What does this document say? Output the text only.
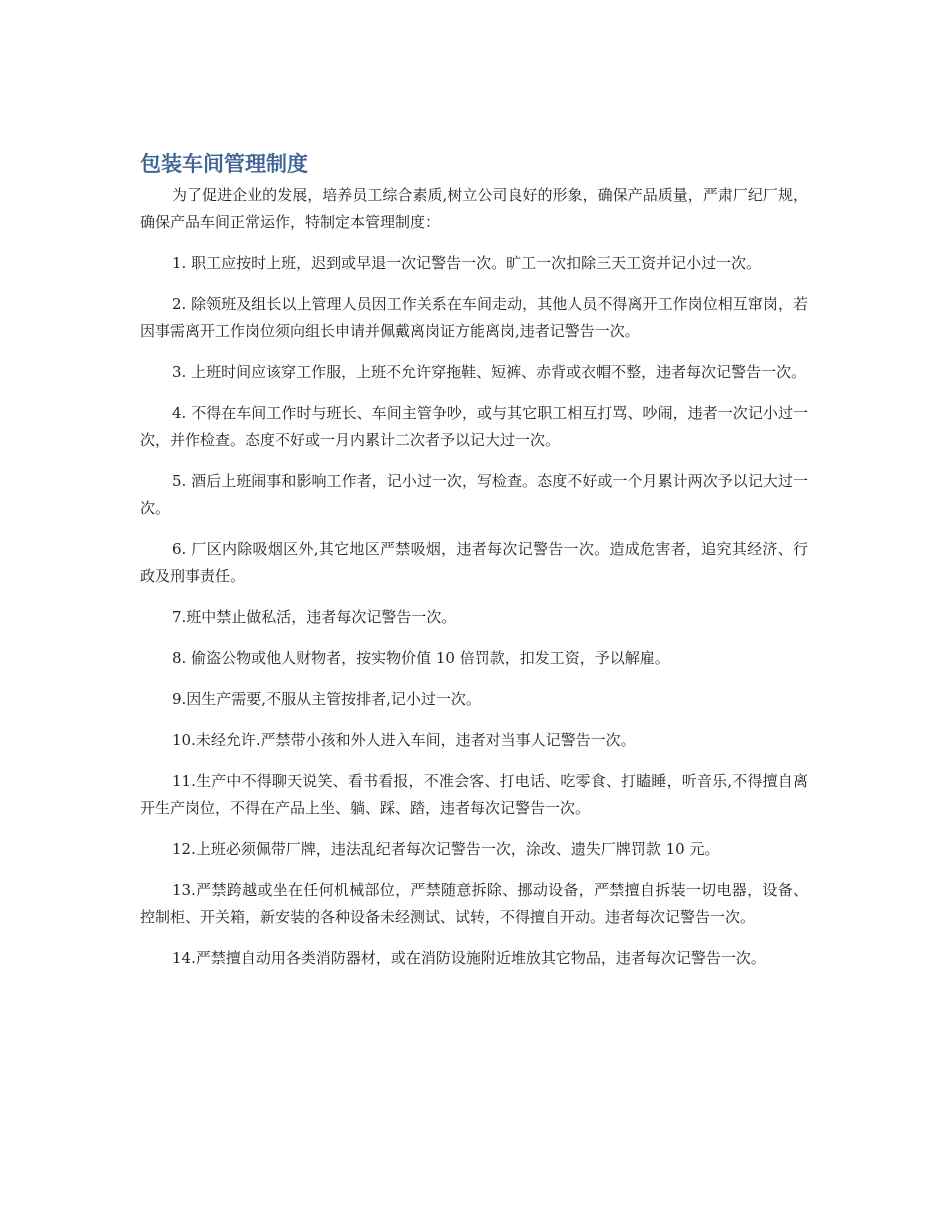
包装车间管理制度

为了促进企业的发展，培养员工综合素质,树立公司良好的形象，确保产品质量，严肃厂纪厂规，确保产品车间正常运作，特制定本管理制度：

1. 职工应按时上班，迟到或早退一次记警告一次。旷工一次扣除三天工资并记小过一次。

2. 除领班及组长以上管理人员因工作关系在车间走动，其他人员不得离开工作岗位相互窜岗，若因事需离开工作岗位须向组长申请并佩戴离岗证方能离岗,违者记警告一次。

3. 上班时间应该穿工作服，上班不允许穿拖鞋、短裤、赤背或衣帽不整，违者每次记警告一次。

4. 不得在车间工作时与班长、车间主管争吵，或与其它职工相互打骂、吵闹，违者一次记小过一次，并作检查。态度不好或一月内累计二次者予以记大过一次。

5. 酒后上班闹事和影响工作者，记小过一次，写检查。态度不好或一个月累计两次予以记大过一次。

6. 厂区内除吸烟区外,其它地区严禁吸烟，违者每次记警告一次。造成危害者，追究其经济、行政及刑事责任。

7.班中禁止做私活，违者每次记警告一次。

8. 偷盗公物或他人财物者，按实物价值 10 倍罚款，扣发工资，予以解雇。

9.因生产需要,不服从主管按排者,记小过一次。

10.未经允许.严禁带小孩和外人进入车间，违者对当事人记警告一次。

11.生产中不得聊天说笑、看书看报，不准会客、打电话、吃零食、打瞌睡，听音乐,不得擅自离开生产岗位，不得在产品上坐、躺、踩、踏，违者每次记警告一次。

12.上班必须佩带厂牌，违法乱纪者每次记警告一次，涂改、遗失厂牌罚款 10 元。

13.严禁跨越或坐在任何机械部位，严禁随意拆除、挪动设备，严禁擅自拆装一切电器，设备、控制柜、开关箱，新安装的各种设备未经测试、试转，不得擅自开动。违者每次记警告一次。

14.严禁擅自动用各类消防器材，或在消防设施附近堆放其它物品，违者每次记警告一次。
